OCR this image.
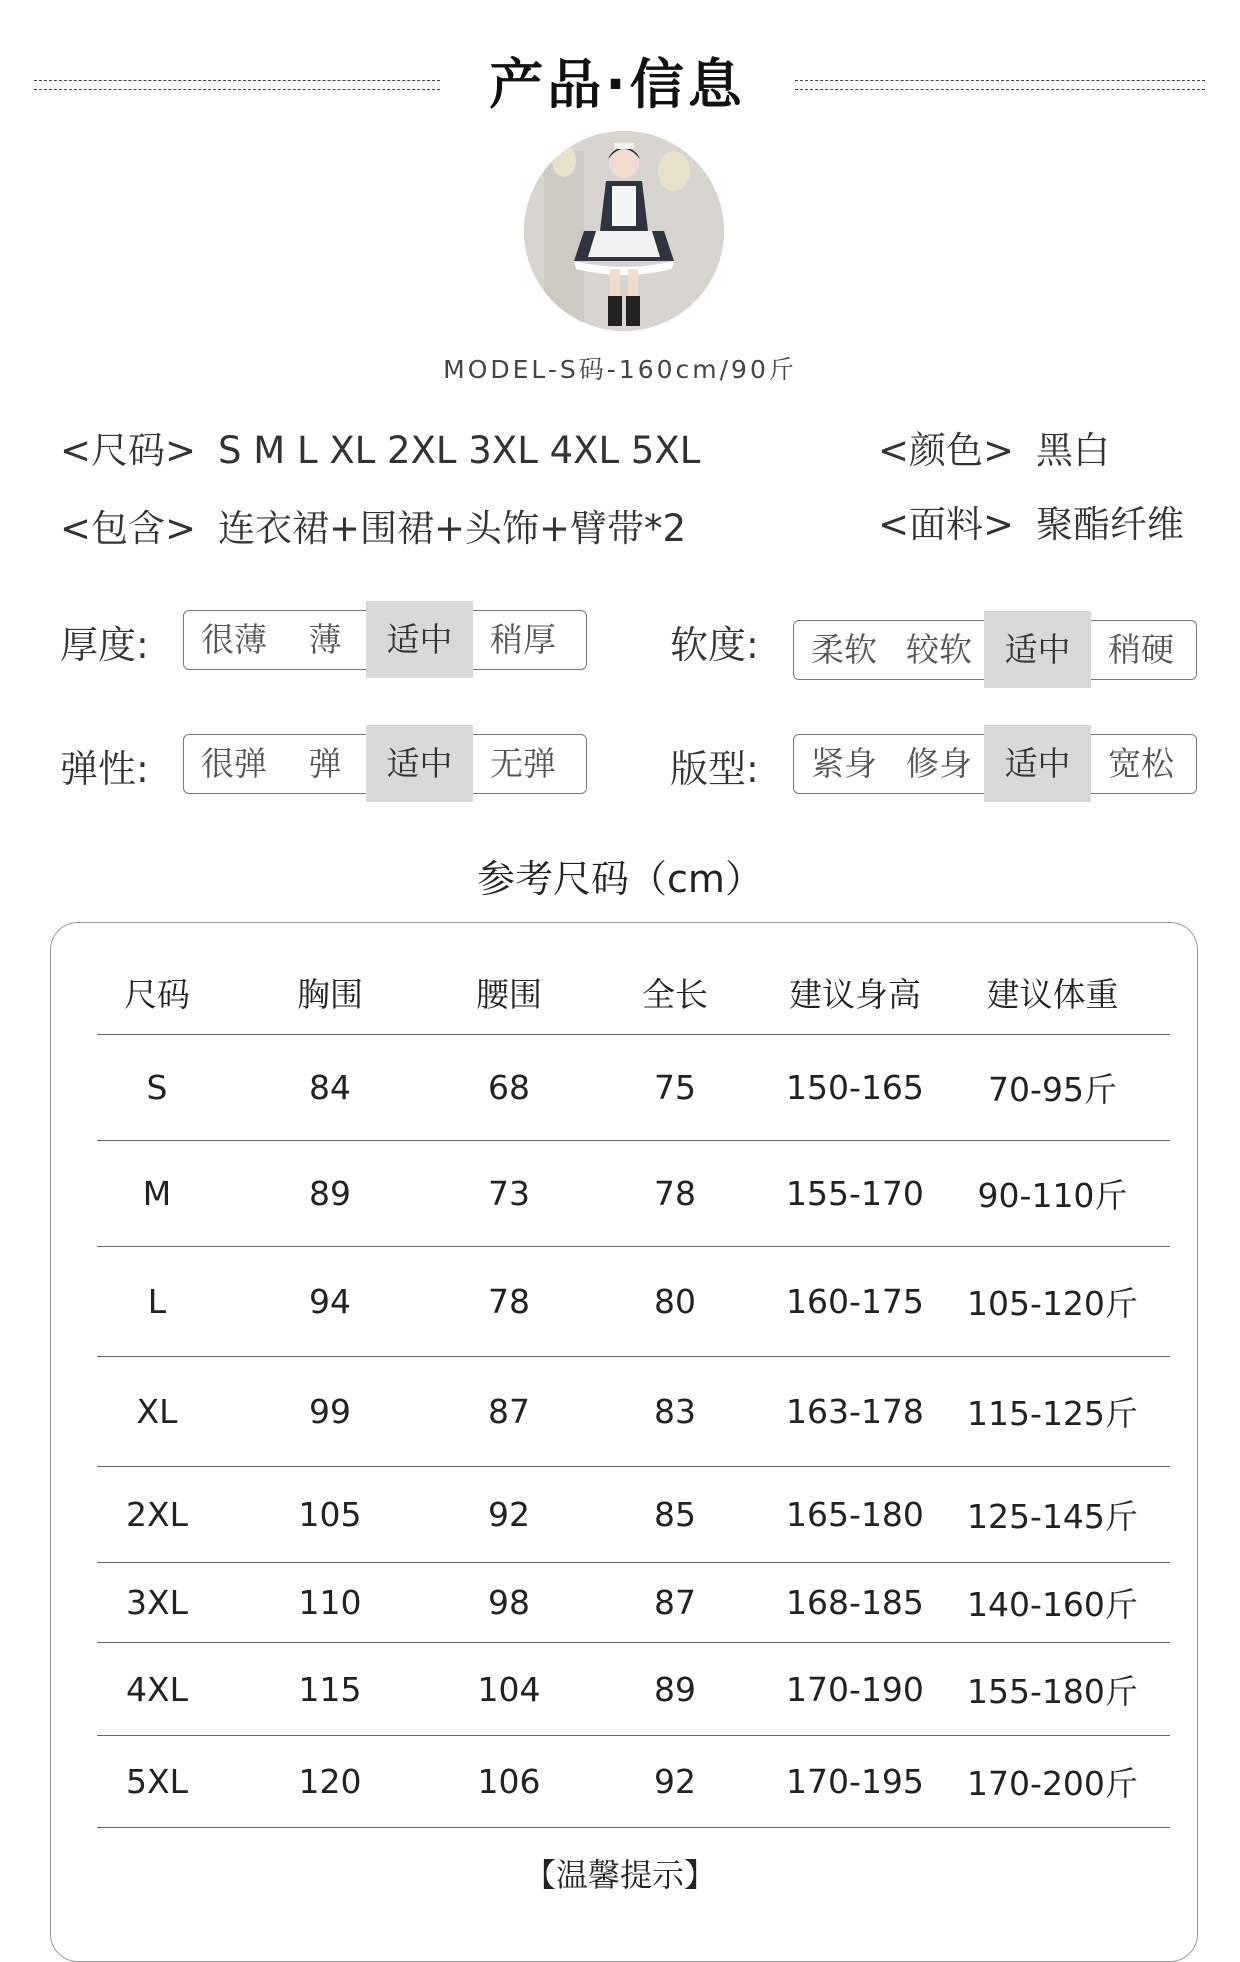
产品·信息
MODEL-S码-160cm/90斤
<尺码> S M L XL 2XL 3XL 4XL 5XL	<颜色> 黑白
<包含> 连衣裙+围裙+头饰+臂带*2	<面料> 聚酯纤维
厚度:	很薄	薄	适中	稍厚	软度:	柔软 较软 适中	稍硬
弹性:	很弹	弹	适中	无弹	版型:	紧身 修身 适中	宽松
参考尺码（cm）
尺码	胸围	腰围	全长	建议身高	建议体重
S	84	68	75	150-165	70-95斤
M	89	73	78	155-170	90-110斤
L	94	78	80	160-175	105-120斤
XL	99	87	83	163-178	115-125斤
2XL	105	92	85	165-180	125-145斤
3XL	110	98	87	168-185	140-160斤
4XL	115	104	89	170-190	155-180斤
5XL	120	106	92	170-195	170-200斤
【温馨提示】
